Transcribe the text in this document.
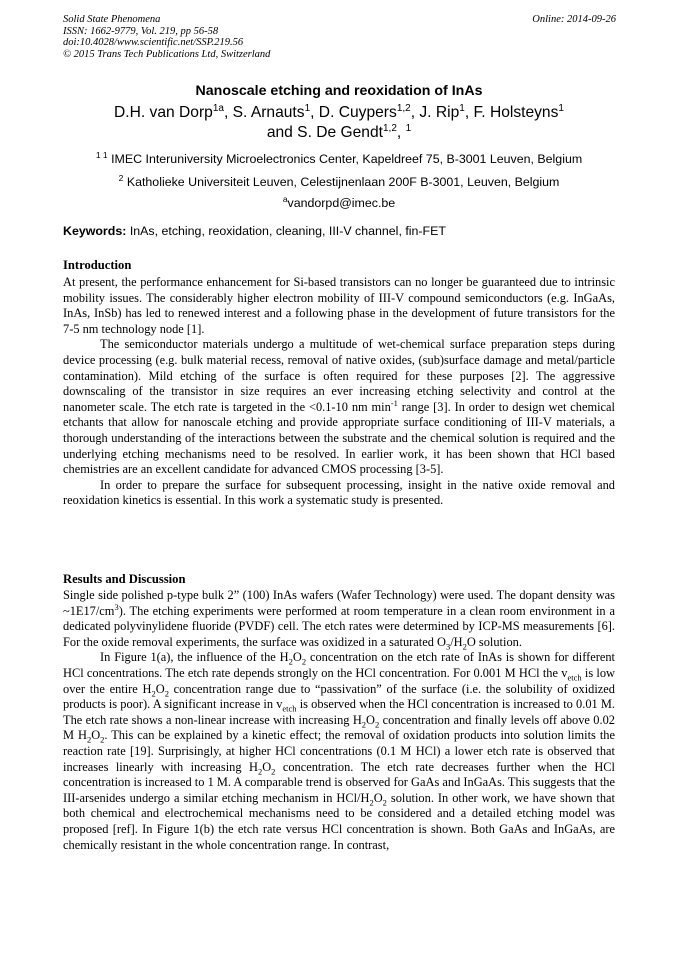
Solid State Phenomena
ISSN: 1662-9779, Vol. 219, pp 56-58
doi:10.4028/www.scientific.net/SSP.219.56
© 2015 Trans Tech Publications Ltd, Switzerland
Online: 2014-09-26
Nanoscale etching and reoxidation of InAs
D.H. van Dorp$^{1a}$, S. Arnauts$^1$, D. Cuypers$^{1,2}$, J. Rip$^1$, F. Holsteyns$^1$
and S. De Gendt$^{1,2}$, $^1$
$^{1 1}$ IMEC Interuniversity Microelectronics Center, Kapeldreef 75, B-3001 Leuven, Belgium
$^2$ Katholieke Universiteit Leuven, Celestijnenlaan 200F B-3001, Leuven, Belgium
$^a$vandorpd@imec.be
Keywords: InAs, etching, reoxidation, cleaning, III-V channel, fin-FET
Introduction

At present, the performance enhancement for Si-based transistors can no longer be guaranteed due to intrinsic mobility issues. The considerably higher electron mobility of III-V compound semiconductors (e.g. InGaAs, InAs, InSb) has led to renewed interest and a following phase in the development of future transistors for the 7-5 nm technology node [1].

The semiconductor materials undergo a multitude of wet-chemical surface preparation steps during device processing (e.g. bulk material recess, removal of native oxides, (sub)surface damage and metal/particle contamination). Mild etching of the surface is often required for these purposes [2]. The aggressive downscaling of the transistor in size requires an ever increasing etching selectivity and control at the nanometer scale. The etch rate is targeted in the <0.1-10 nm $\min^{-1}$ range [3]. In order to design wet chemical etchants that allow for nanoscale etching and provide appropriate surface conditioning of III-V materials, a thorough understanding of the interactions between the substrate and the chemical solution is required and the underlying etching mechanisms need to be resolved. In earlier work, it has been shown that HCl based chemistries are an excellent candidate for advanced CMOS processing [3-5].

In order to prepare the surface for subsequent processing, insight in the native oxide removal and reoxidation kinetics is essential. In this work a systematic study is presented.

Results and Discussion

Single side polished p-type bulk 2” (100) InAs wafers (Wafer Technology) were used. The dopant density was $\sim 1E17/cm^3$). The etching experiments were performed at room temperature in a clean room environment in a dedicated polyvinylidene fluoride (PVDF) cell. The etch rates were determined by ICP-MS measurements [6]. For the oxide removal experiments, the surface was oxidized in a saturated $O_3/H_2O$ solution.

In Figure 1(a), the influence of the $H_2O_2$ concentration on the etch rate of InAs is shown for different HCl concentrations. The etch rate depends strongly on the HCl concentration. For 0.001 M HCl the $v_{etch}$ is low over the entire $H_2O_2$ concentration range due to “passivation” of the surface (i.e. the solubility of oxidized products is poor). A significant increase in $v_{etch}$ is observed when the HCl concentration is increased to 0.01 M. The etch rate shows a non-linear increase with increasing $H_2O_2$ concentration and finally levels off above 0.02 M $H_2O_2$. This can be explained by a kinetic effect; the removal of oxidation products into solution limits the reaction rate [19]. Surprisingly, at higher HCl concentrations (0.1 M HCl) a lower etch rate is observed that increases linearly with increasing $H_2O_2$ concentration. The etch rate decreases further when the HCl concentration is increased to 1 M. A comparable trend is observed for GaAs and InGaAs. This suggests that the III-arsenides undergo a similar etching mechanism in HCl/$H_2O_2$ solution. In other work, we have shown that both chemical and electrochemical mechanisms need to be considered and a detailed etching model was proposed [ref]. In Figure 1(b) the etch rate versus HCl concentration is shown. Both GaAs and InGaAs, are chemically resistant in the whole concentration range. In contrast,
